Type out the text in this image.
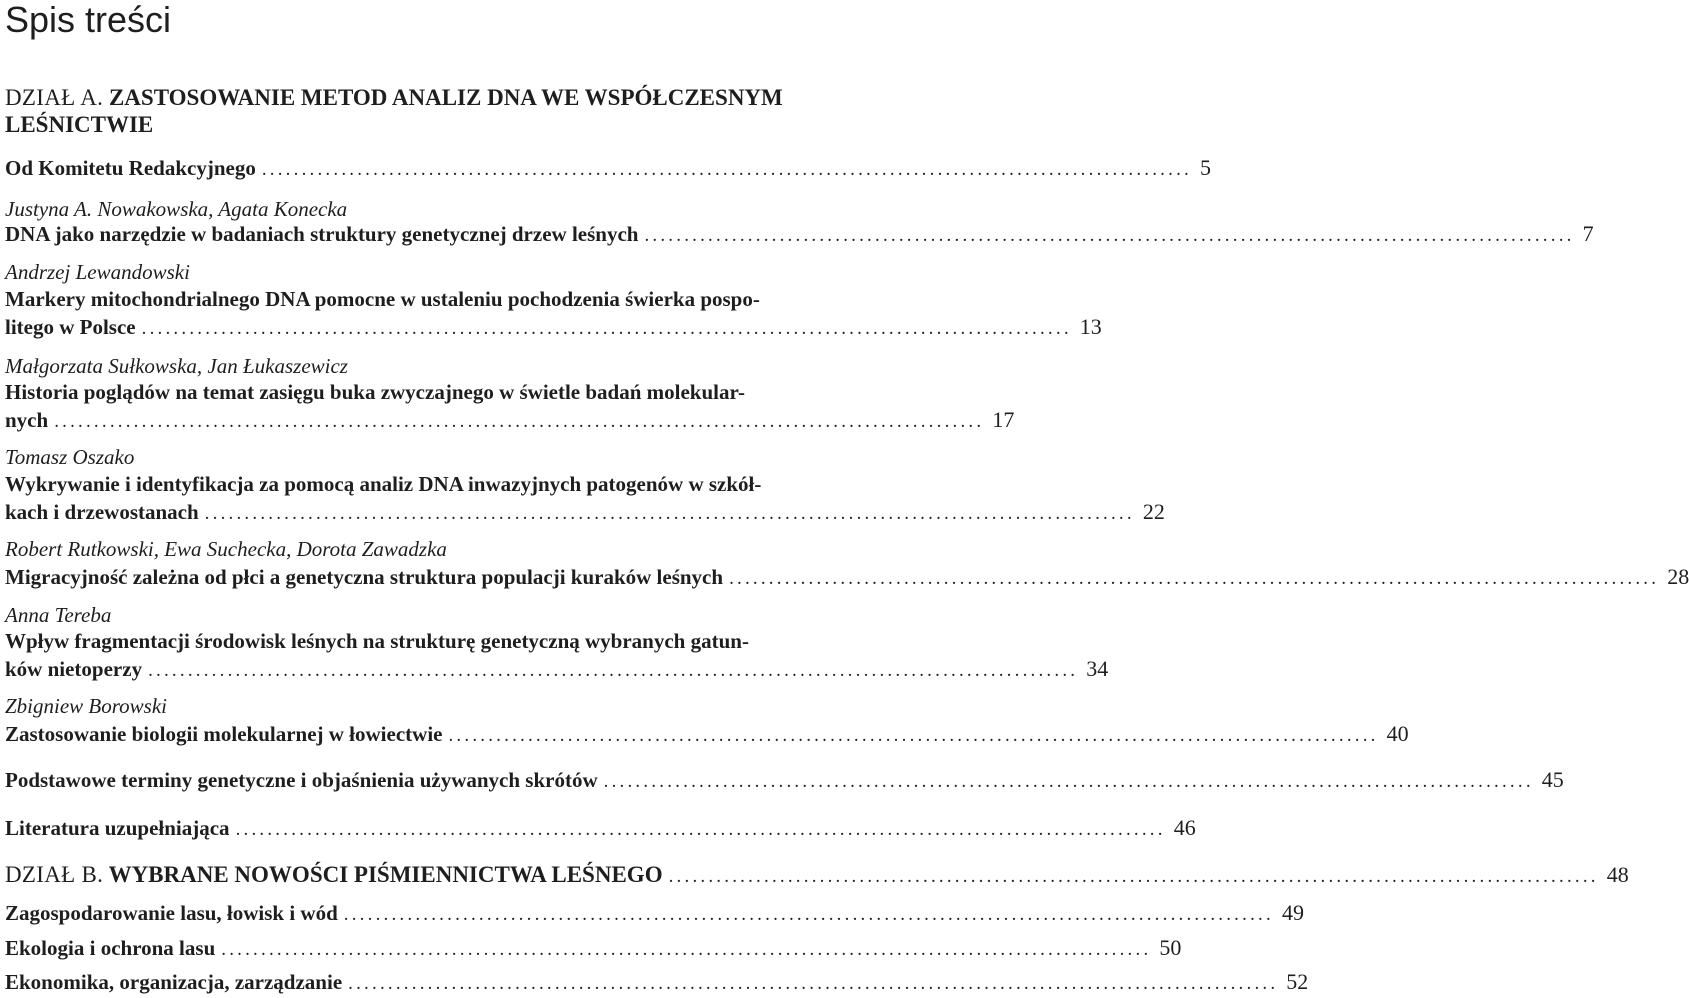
Spis treści
DZIAŁ A. ZASTOSOWANIE METOD ANALIZ DNA WE WSPÓŁCZESNYM
LEŚNICTWIE
Od Komitetu Redakcyjnego ..................................................................................................................... 5
Justyna A. Nowakowska, Agata Konecka
DNA jako narzędzie w badaniach struktury genetycznej drzew leśnych ..................................................................................................................... 7
Andrzej Lewandowski
Markery mitochondrialnego DNA pomocne w ustaleniu pochodzenia świerka pospo-
litego w Polsce ..................................................................................................................... 13
Małgorzata Sułkowska, Jan Łukaszewicz
Historia poglądów na temat zasięgu buka zwyczajnego w świetle badań molekular-
nych ..................................................................................................................... 17
Tomasz Oszako
Wykrywanie i identyfikacja za pomocą analiz DNA inwazyjnych patogenów w szkół-
kach i drzewostanach ..................................................................................................................... 22
Robert Rutkowski, Ewa Suchecka, Dorota Zawadzka
Migracyjność zależna od płci a genetyczna struktura populacji kuraków leśnych ..................................................................................................................... 28
Anna Tereba
Wpływ fragmentacji środowisk leśnych na strukturę genetyczną wybranych gatun-
ków nietoperzy ..................................................................................................................... 34
Zbigniew Borowski
Zastosowanie biologii molekularnej w łowiectwie ..................................................................................................................... 40
Podstawowe terminy genetyczne i objaśnienia używanych skrótów ..................................................................................................................... 45
Literatura uzupełniająca ..................................................................................................................... 46
DZIAŁ B. WYBRANE NOWOŚCI PIŚMIENNICTWA LEŚNEGO ..................................................................................................................... 48
Zagospodarowanie lasu, łowisk i wód ..................................................................................................................... 49
Ekologia i ochrona lasu ..................................................................................................................... 50
Ekonomika, organizacja, zarządzanie ..................................................................................................................... 52
